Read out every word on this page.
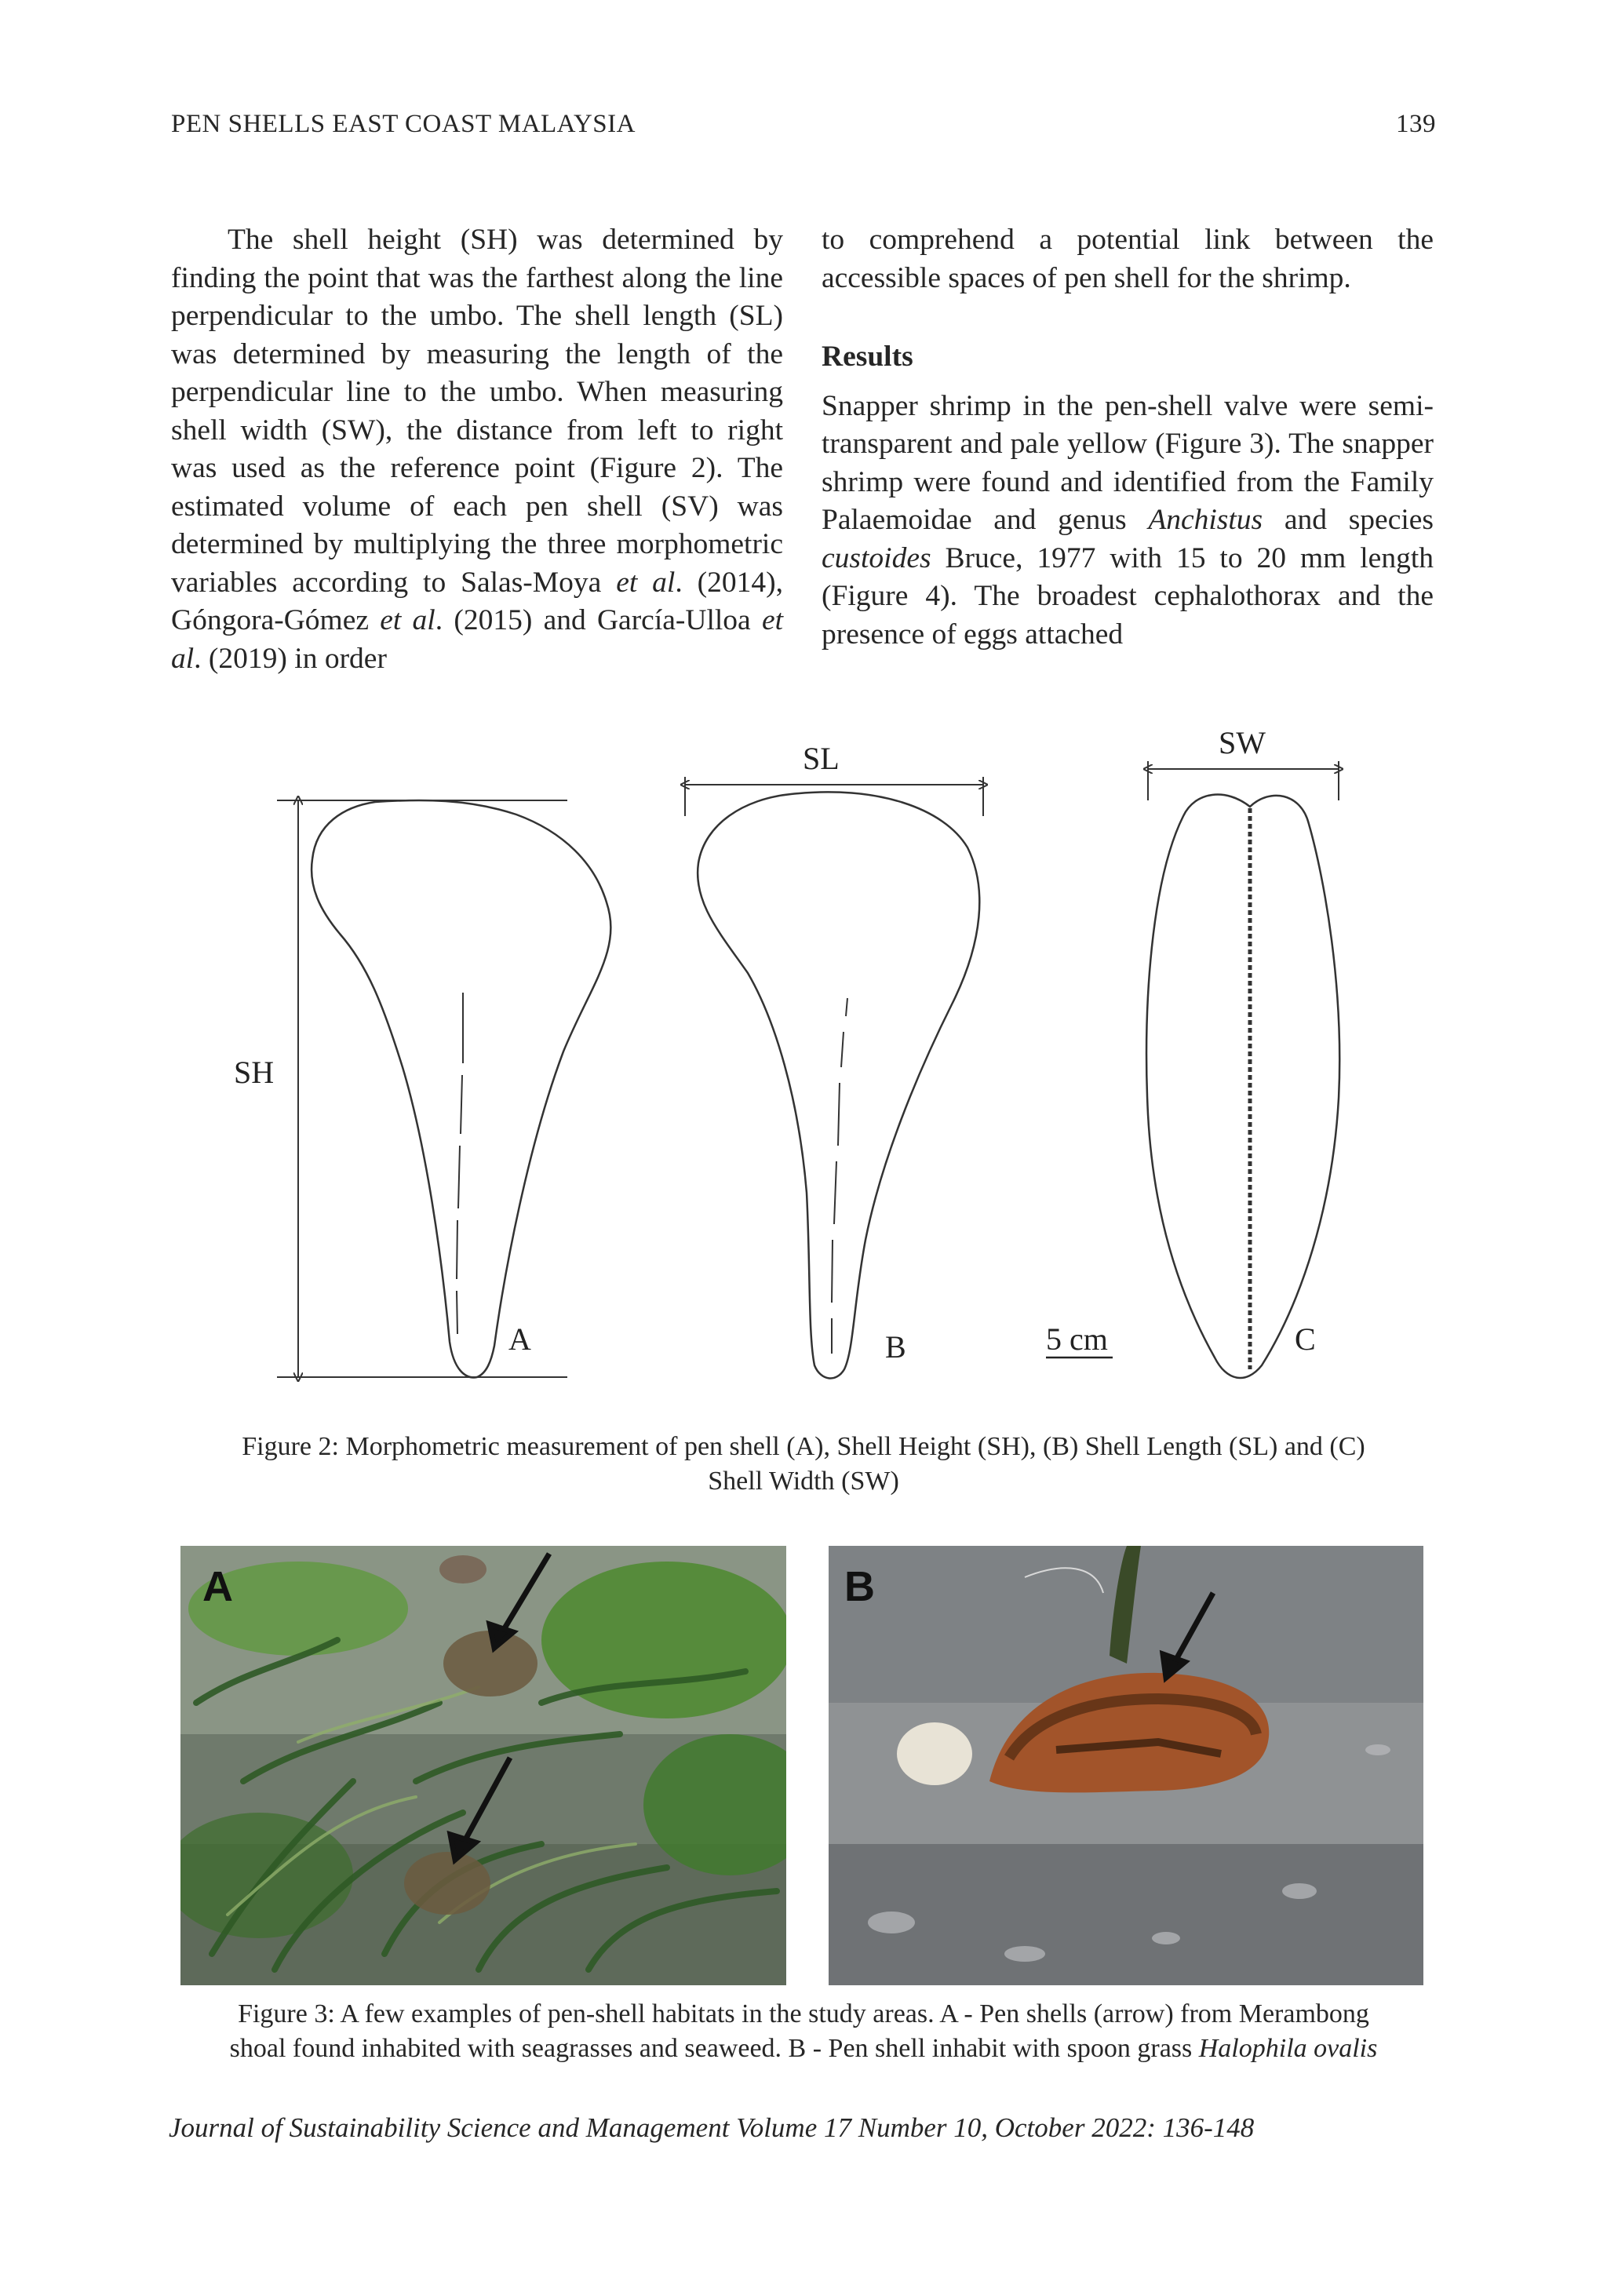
PEN SHELLS EAST COAST MALAYSIA	139

The shell height (SH) was determined by finding the point that was the farthest along the line perpendicular to the umbo. The shell length (SL) was determined by measuring the length of the perpendicular line to the umbo. When measuring shell width (SW), the distance from left to right was used as the reference point (Figure 2). The estimated volume of each pen shell (SV) was determined by multiplying the three morphometric variables according to Salas-Moya et al. (2014), Góngora-Gómez et al. (2015) and García-Ulloa et al. (2019) in order

to comprehend a potential link between the accessible spaces of pen shell for the shrimp.

Results

Snapper shrimp in the pen-shell valve were semi-transparent and pale yellow (Figure 3). The snapper shrimp were found and identified from the Family Palaemoidae and genus Anchistus and species custoides Bruce, 1977 with 15 to 20 mm length (Figure 4). The broadest cephalothorax and the presence of eggs attached

SH
SL	SW
A	B	C
5 cm
Figure 2: Morphometric measurement of pen shell (A), Shell Height (SH), (B) Shell Length (SL) and (C)
Shell Width (SW)
A	B
Figure 3: A few examples of pen-shell habitats in the study areas. A - Pen shells (arrow) from Merambong
shoal found inhabited with seagrasses and seaweed. B - Pen shell inhabit with spoon grass Halophila ovalis
Journal of Sustainability Science and Management Volume 17 Number 10, October 2022: 136-148
